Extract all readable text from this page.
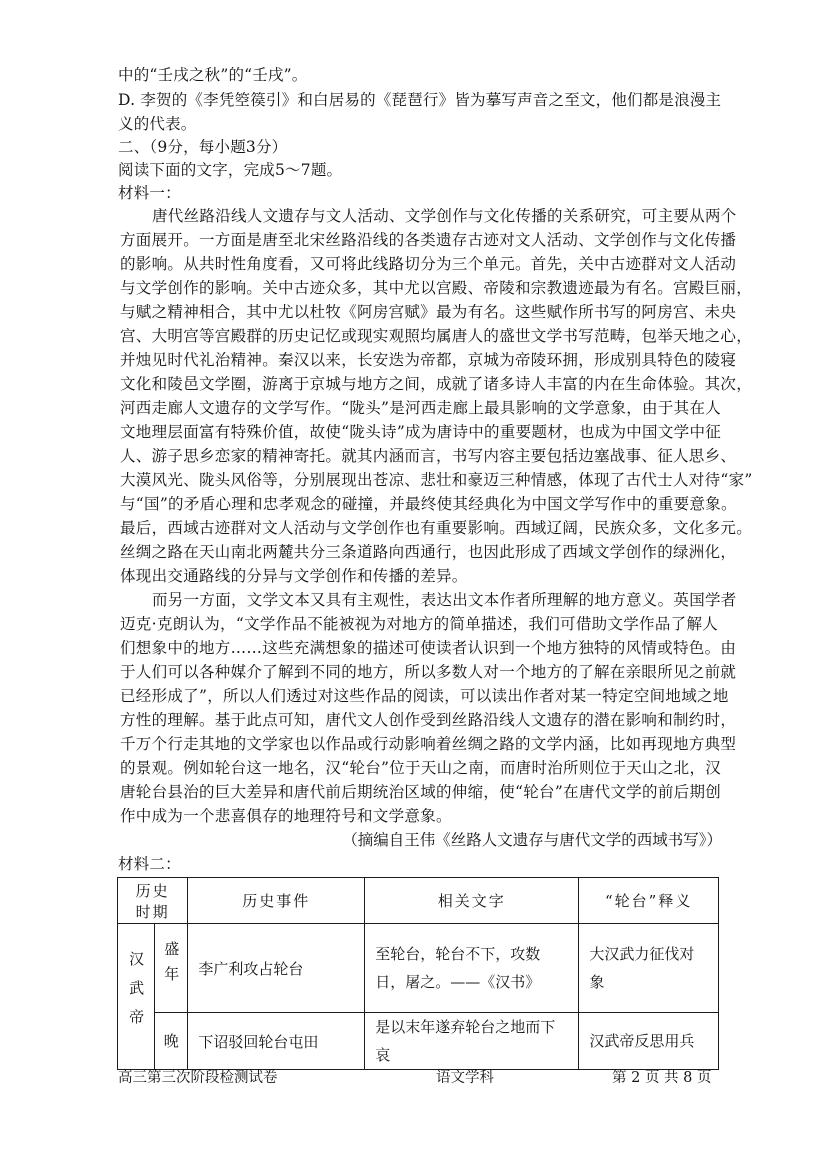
中的“壬戌之秋”的“壬戌”。
D. 李贺的《李凭箜篌引》和白居易的《琵琶行》皆为摹写声音之至文，他们都是浪漫主
义的代表。
二、（9分，每小题3分）
阅读下面的文字，完成5～7题。
材料一：
唐代丝路沿线人文遗存与文人活动、文学创作与文化传播的关系研究，可主要从两个
方面展开。一方面是唐至北宋丝路沿线的各类遗存古迹对文人活动、文学创作与文化传播
的影响。从共时性角度看，又可将此线路切分为三个单元。首先，关中古迹群对文人活动
与文学创作的影响。关中古迹众多，其中尤以宫殿、帝陵和宗教遗迹最为有名。宫殿巨丽，
与赋之精神相合，其中尤以杜牧《阿房宫赋》最为有名。这些赋作所书写的阿房宫、未央
宫、大明宫等宫殿群的历史记忆或现实观照均属唐人的盛世文学书写范畴，包举天地之心，
并烛见时代礼治精神。秦汉以来，长安迭为帝都，京城为帝陵环拥，形成别具特色的陵寝
文化和陵邑文学圈，游离于京城与地方之间，成就了诸多诗人丰富的内在生命体验。其次，
河西走廊人文遗存的文学写作。“陇头”是河西走廊上最具影响的文学意象，由于其在人
文地理层面富有特殊价值，故使“陇头诗”成为唐诗中的重要题材，也成为中国文学中征
人、游子思乡恋家的精神寄托。就其内涵而言，书写内容主要包括边塞战事、征人思乡、
大漠风光、陇头风俗等，分别展现出苍凉、悲壮和豪迈三种情感，体现了古代士人对待“家”
与“国”的矛盾心理和忠孝观念的碰撞，并最终使其经典化为中国文学写作中的重要意象。
最后，西域古迹群对文人活动与文学创作也有重要影响。西域辽阔，民族众多，文化多元。
丝绸之路在天山南北两麓共分三条道路向西通行，也因此形成了西域文学创作的绿洲化，
体现出交通路线的分异与文学创作和传播的差异。
而另一方面，文学文本又具有主观性，表达出文本作者所理解的地方意义。英国学者
迈克·克朗认为，“文学作品不能被视为对地方的简单描述，我们可借助文学作品了解人
们想象中的地方……这些充满想象的描述可使读者认识到一个地方独特的风情或特色。由
于人们可以各种媒介了解到不同的地方，所以多数人对一个地方的了解在亲眼所见之前就
已经形成了”，所以人们透过对这些作品的阅读，可以读出作者对某一特定空间地域之地
方性的理解。基于此点可知，唐代文人创作受到丝路沿线人文遗存的潜在影响和制约时，
千万个行走其地的文学家也以作品或行动影响着丝绸之路的文学内涵，比如再现地方典型
的景观。例如轮台这一地名，汉“轮台”位于天山之南，而唐时治所则位于天山之北，汉
唐轮台县治的巨大差异和唐代前后期统治区域的伸缩，使“轮台”在唐代文学的前后期创
作中成为一个悲喜俱存的地理符号和文学意象。
（摘编自王伟《丝路人文遗存与唐代文学的西域书写》）
材料二：
历史时期		历史事件	相关文字	“轮台”释义
汉武帝	盛年	李广利攻占轮台	至轮台，轮台不下，攻数日，屠之。——《汉书》	大汉武力征伐对象

	晚	下诏驳回轮台屯田	是以末年遂弃轮台之地而下哀	汉武帝反思用兵
高三第三次阶段检测试卷	语文学科	第 2 页 共 8 页
